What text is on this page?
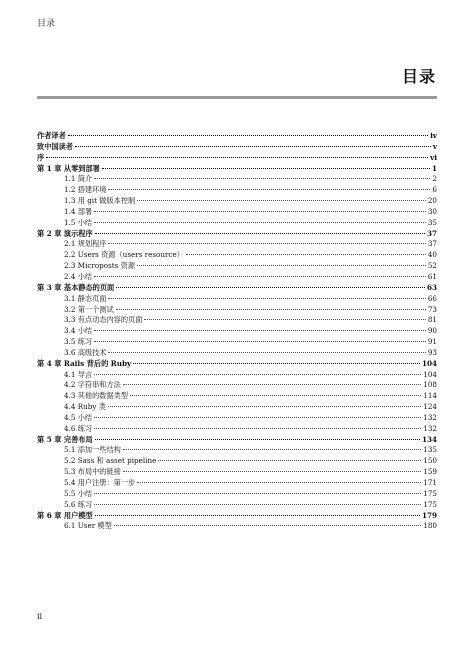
目录
目录
作者译者	iv
致中国读者	v
序	vi
第 1 章 从零到部署	1
1.1 简介	2
1.2 搭建环境	6
1.3 用 git 做版本控制	20
1.4 部署	30
1.5 小结	35
第 2 章 演示程序	37
2.1 规划程序	37
2.2 Users 资源（users resource）	40
2.3 Microposts 资源	52
2.4 小结	61
第 3 章 基本静态的页面	63
3.1 静态页面	66
3.2 第一个测试	73
3.3 有点动态内容的页面	81
3.4 小结	90
3.5 练习	91
3.6 高级技术	93
第 4 章 Rails 背后的 Ruby	104
4.1 导言	104
4.2 字符串和方法	108
4.3 其他的数据类型	114
4.4 Ruby 类	124
4.5 小结	132
4.6 练习	132
第 5 章 完善布局	134
5.1 添加一些结构	135
5.2 Sass 和 asset pipeline	150
5.3 布局中的链接	159
5.4 用户注册：第一步	171
5.5 小结	175
5.6 练习	175
第 6 章 用户模型	179
6.1 User 模型	180
ii
